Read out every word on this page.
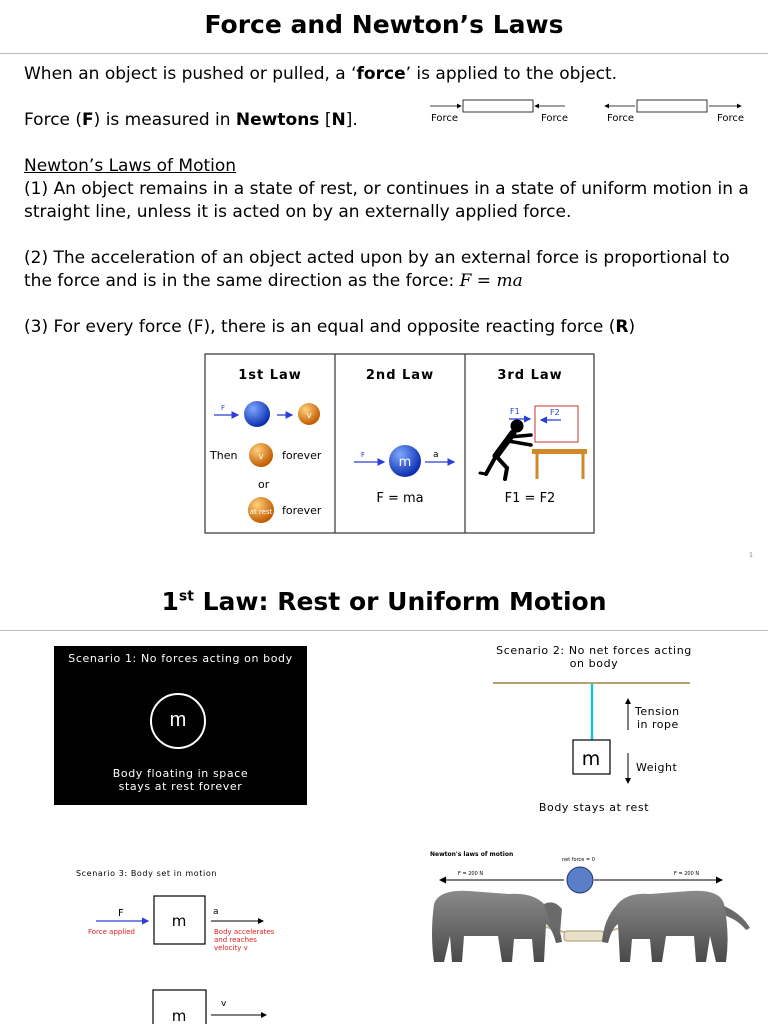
Force and Newton’s Laws
When an object is pushed or pulled, a ‘force’ is applied to the object.
Force (F) is measured in Newtons [N].	Force	Force	Force	Force
Newton’s Laws of Motion
(1) An object remains in a state of rest, or continues in a state of uniform motion in a straight line, unless it is acted on by an externally applied force.
(2) The acceleration of an object acted upon by an external force is proportional to the force and is in the same direction as the force: F = ma
(3) For every force (F), there is an equal and opposite reacting force (R)
1st Law	2nd Law	3rd Law
F
v
Then v forever
or
at rest forever
F	m a
F = ma
F1	F2
F1 = F2
1
1st Law: Rest or Uniform Motion
Scenario 1: No forces acting on body
m
Body floating in space
stays at rest forever
Scenario 2: No net forces acting
on body
m
Tension
in rope
Weight
Body stays at rest
Scenario 3: Body set in motion
F
Force applied
m	a
Body accelerates
and reaches
velocity v
m
v
Newton's laws of motion
net force = 0
F = 200 N	F = 200 N
